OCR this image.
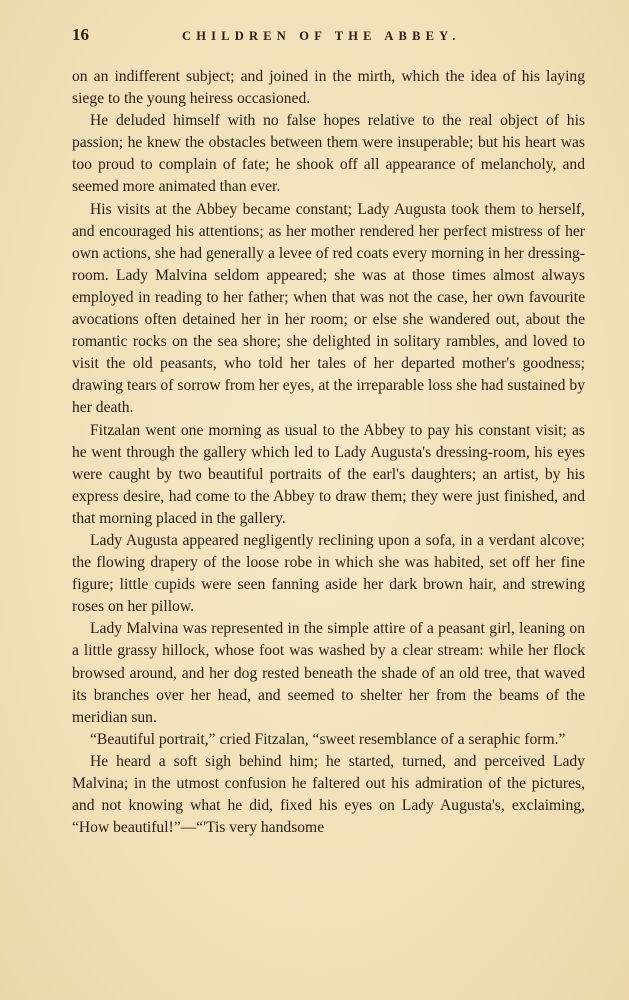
16	CHILDREN OF THE ABBEY.

on an indifferent subject; and joined in the mirth, which the idea of his laying siege to the young heiress occasioned.

He deluded himself with no false hopes relative to the real object of his passion; he knew the obstacles between them were insuperable; but his heart was too proud to complain of fate; he shook off all appearance of melancholy, and seemed more animated than ever.

His visits at the Abbey became constant; Lady Augusta took them to herself, and encouraged his attentions; as her mother rendered her perfect mistress of her own actions, she had generally a levee of red coats every morning in her dressing-room. Lady Malvina seldom appeared; she was at those times almost always employed in reading to her father; when that was not the case, her own favourite avocations often detained her in her room; or else she wandered out, about the romantic rocks on the sea shore; she delighted in solitary rambles, and loved to visit the old peasants, who told her tales of her departed mother's goodness; drawing tears of sorrow from her eyes, at the irreparable loss she had sustained by her death.

Fitzalan went one morning as usual to the Abbey to pay his constant visit; as he went through the gallery which led to Lady Augusta's dressing-room, his eyes were caught by two beautiful portraits of the earl's daughters; an artist, by his express desire, had come to the Abbey to draw them; they were just finished, and that morning placed in the gallery.

Lady Augusta appeared negligently reclining upon a sofa, in a verdant alcove; the flowing drapery of the loose robe in which she was habited, set off her fine figure; little cupids were seen fanning aside her dark brown hair, and strewing roses on her pillow.

Lady Malvina was represented in the simple attire of a peasant girl, leaning on a little grassy hillock, whose foot was washed by a clear stream: while her flock browsed around, and her dog rested beneath the shade of an old tree, that waved its branches over her head, and seemed to shelter her from the beams of the meridian sun.

“Beautiful portrait,” cried Fitzalan, “sweet resemblance of a seraphic form.”

He heard a soft sigh behind him; he started, turned, and perceived Lady Malvina; in the utmost confusion he faltered out his admiration of the pictures, and not knowing what he did, fixed his eyes on Lady Augusta's, exclaiming, “How beautiful!”—“'Tis very handsome
